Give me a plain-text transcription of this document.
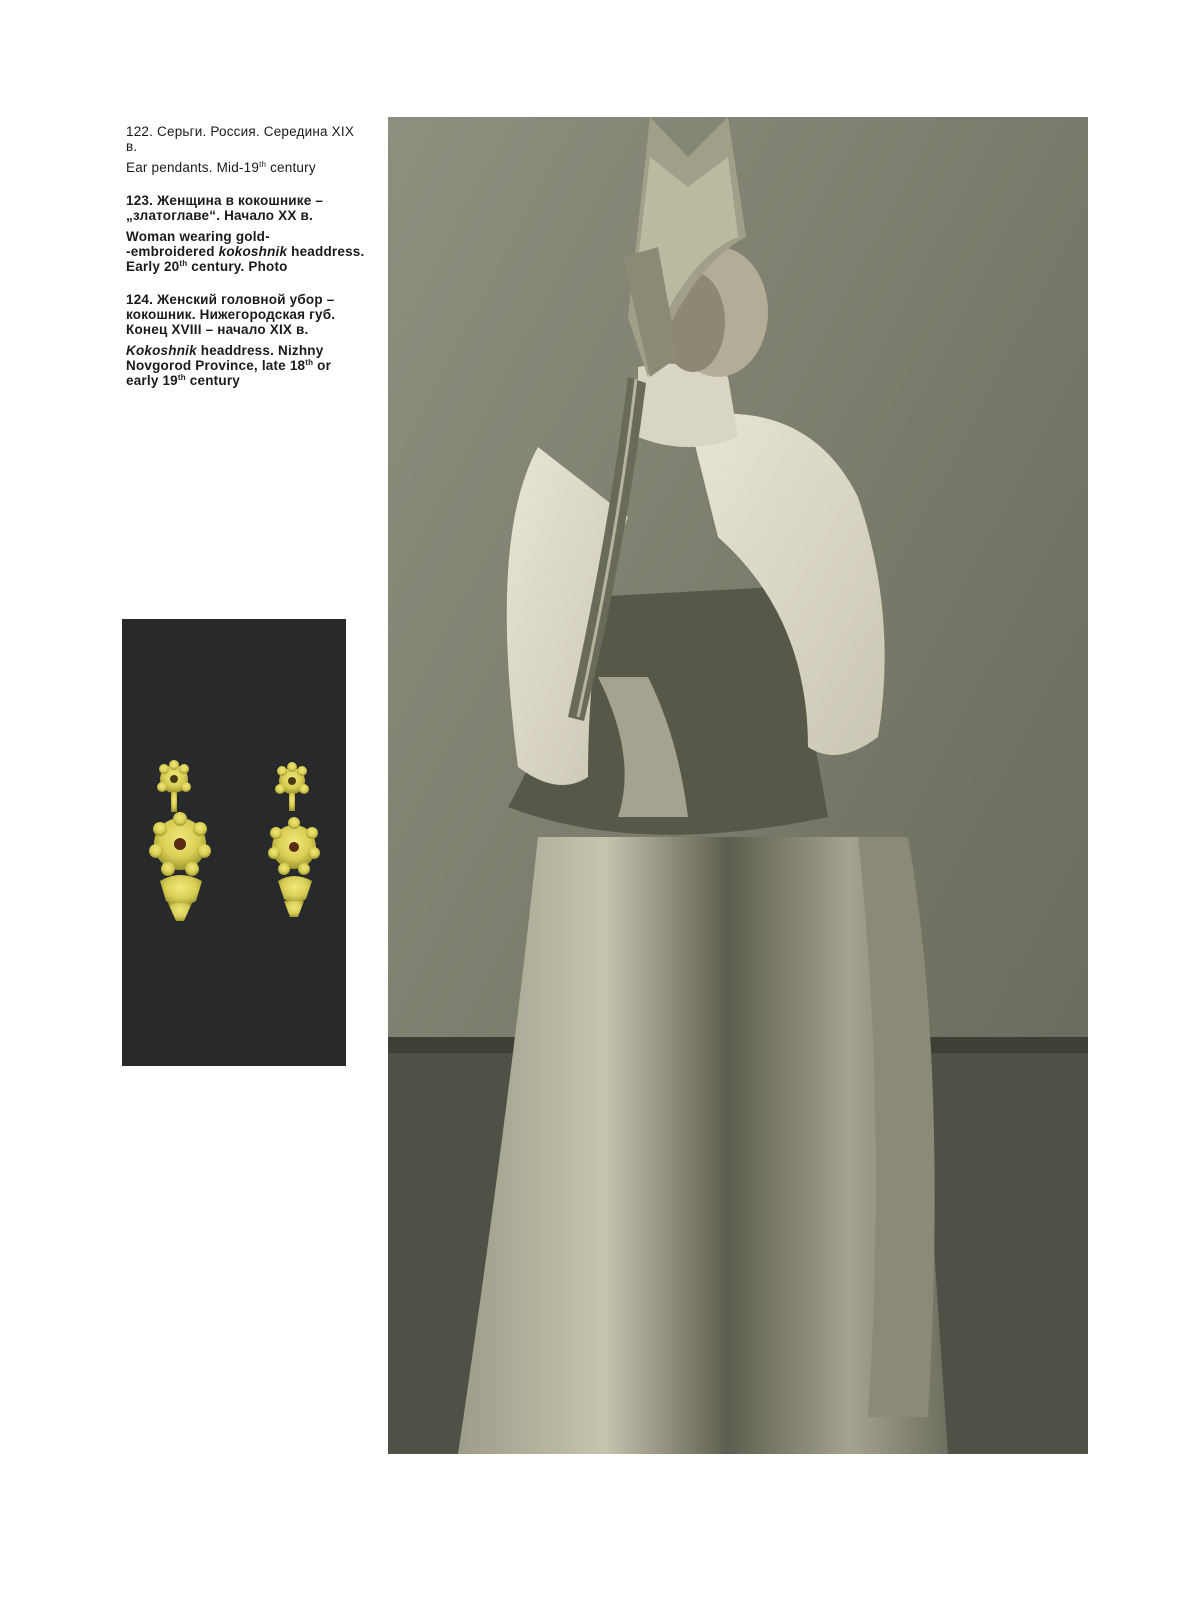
122. Серьги. Россия. Середина XIX в.

Ear pendants. Mid-19th century

123. Женщина в кокошнике – „златоглаве“. Начало XX в.

Woman wearing gold-
-embroidered kokoshnik headdress. Early 20th century. Photo

124. Женский головной убор – кокошник. Нижегородская губ. Конец XVIII – начало XIX в.

Kokoshnik headdress. Nizhny Novgorod Province, late 18th or early 19th century
